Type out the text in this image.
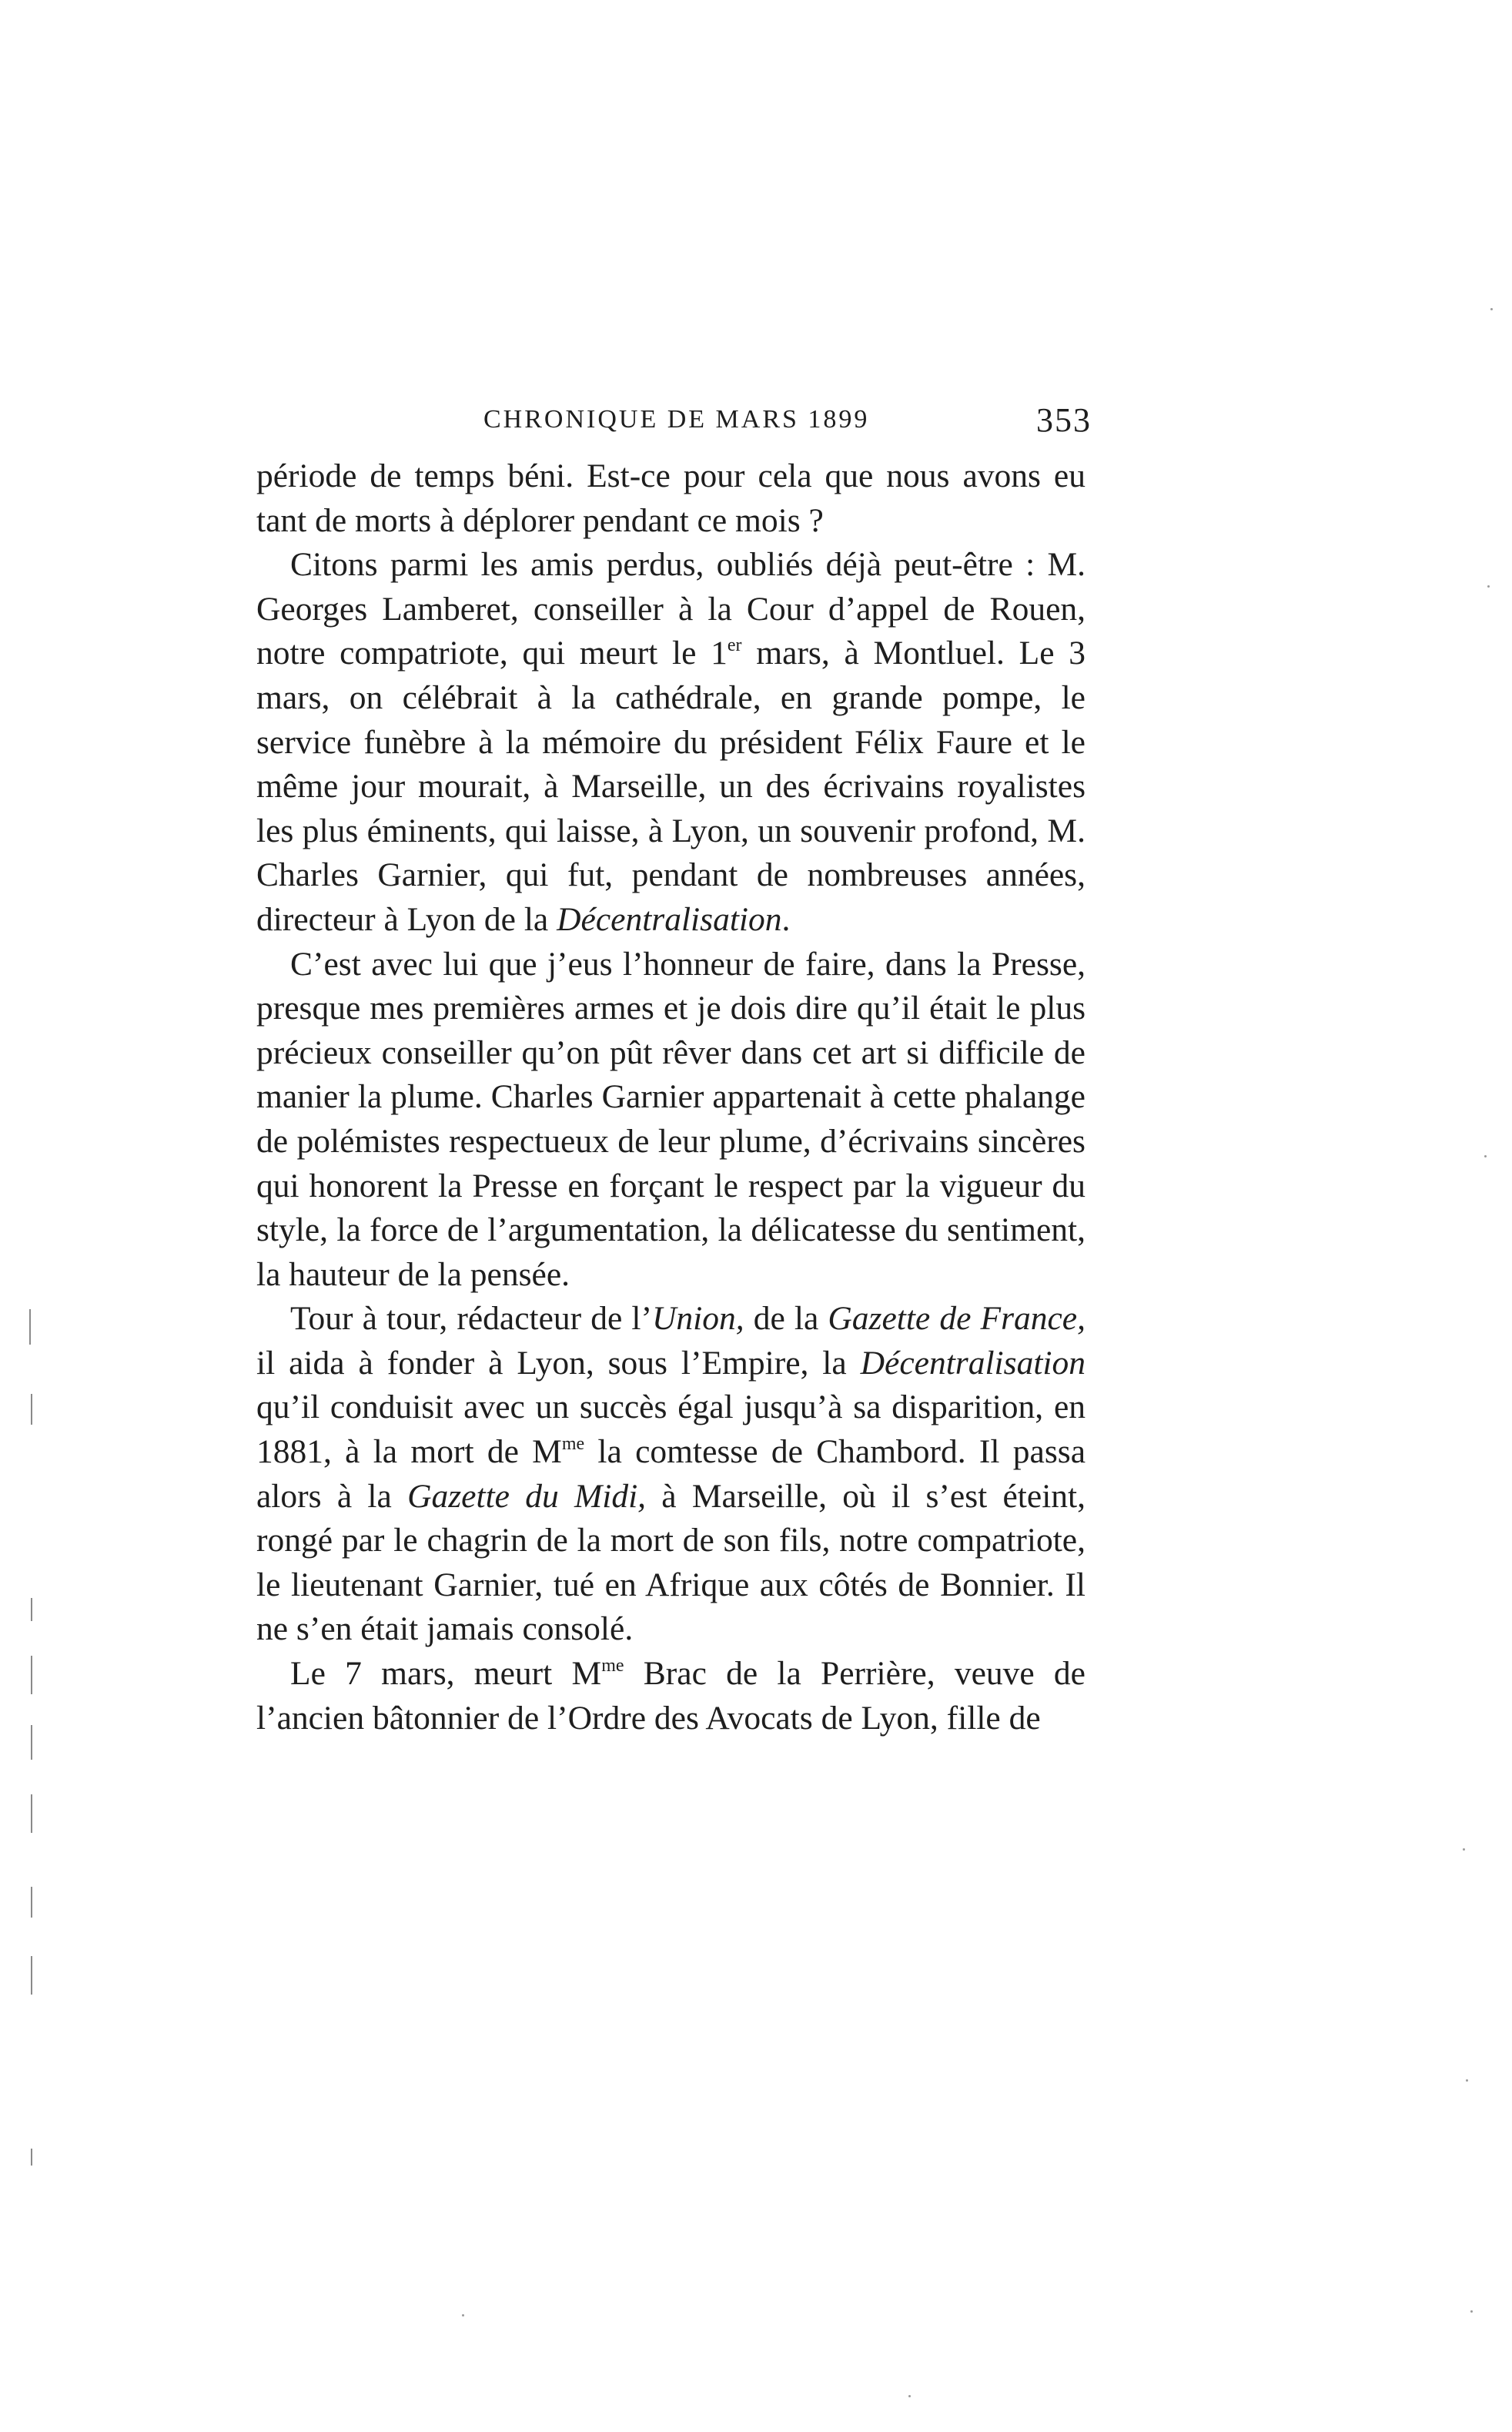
CHRONIQUE DE MARS 1899	353

période de temps béni. Est-ce pour cela que nous avons eu tant de morts à déplorer pendant ce mois ?

Citons parmi les amis perdus, oubliés déjà peut-être : M. Georges Lamberet, conseiller à la Cour d’appel de Rouen, notre compatriote, qui meurt le 1er mars, à Montluel. Le 3 mars, on célébrait à la cathédrale, en grande pompe, le service funèbre à la mémoire du président Félix Faure et le même jour mourait, à Marseille, un des écrivains royalistes les plus éminents, qui laisse, à Lyon, un souvenir profond, M. Charles Garnier, qui fut, pendant de nombreuses années, directeur à Lyon de la Décentralisation.

C’est avec lui que j’eus l’honneur de faire, dans la Presse, presque mes premières armes et je dois dire qu’il était le plus précieux conseiller qu’on pût rêver dans cet art si difficile de manier la plume. Charles Garnier appartenait à cette phalange de polémistes respectueux de leur plume, d’écrivains sincères qui honorent la Presse en forçant le respect par la vigueur du style, la force de l’argumentation, la délicatesse du sentiment, la hauteur de la pensée.

Tour à tour, rédacteur de l’Union, de la Gazette de France, il aida à fonder à Lyon, sous l’Empire, la Décentralisation qu’il conduisit avec un succès égal jusqu’à sa disparition, en 1881, à la mort de $M^{me}$ la comtesse de Chambord. Il passa alors à la Gazette du Midi, à Marseille, où il s’est éteint, rongé par le chagrin de la mort de son fils, notre compatriote, le lieutenant Garnier, tué en Afrique aux côtés de Bonnier. Il ne s’en était jamais consolé.

Le 7 mars, meurt $M^{me}$ Brac de la Perrière, veuve de l’ancien bâtonnier de l’Ordre des Avocats de Lyon, fille de
